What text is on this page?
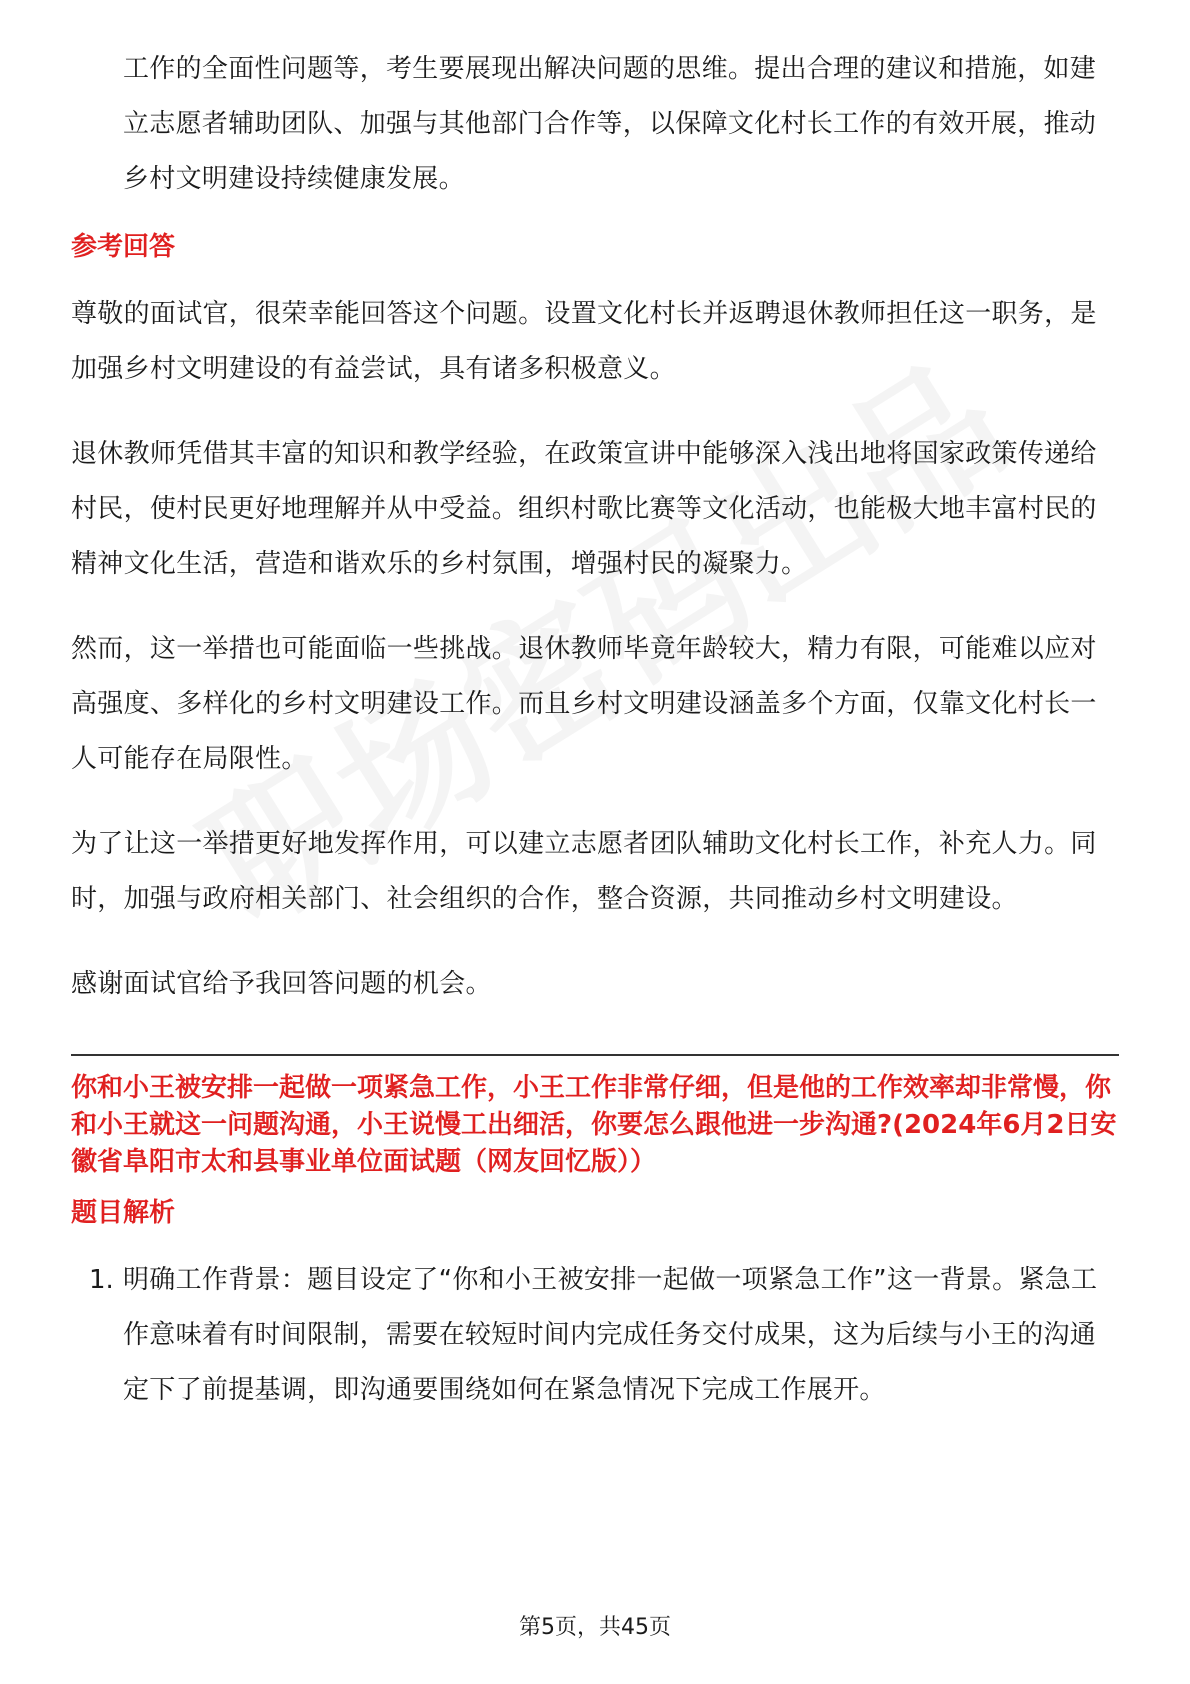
工作的全面性问题等，考生要展现出解决问题的思维。提出合理的建议和措施，如建立志愿者辅助团队、加强与其他部门合作等，以保障文化村长工作的有效开展，推动乡村文明建设持续健康发展。

参考回答

尊敬的面试官，很荣幸能回答这个问题。设置文化村长并返聘退休教师担任这一职务，是加强乡村文明建设的有益尝试，具有诸多积极意义。

退休教师凭借其丰富的知识和教学经验，在政策宣讲中能够深入浅出地将国家政策传递给村民，使村民更好地理解并从中受益。组织村歌比赛等文化活动，也能极大地丰富村民的精神文化生活，营造和谐欢乐的乡村氛围，增强村民的凝聚力。

然而，这一举措也可能面临一些挑战。退休教师毕竟年龄较大，精力有限，可能难以应对高强度、多样化的乡村文明建设工作。而且乡村文明建设涵盖多个方面，仅靠文化村长一人可能存在局限性。

为了让这一举措更好地发挥作用，可以建立志愿者团队辅助文化村长工作，补充人力。同时，加强与政府相关部门、社会组织的合作，整合资源，共同推动乡村文明建设。

感谢面试官给予我回答问题的机会。

你和小王被安排一起做一项紧急工作，小王工作非常仔细，但是他的工作效率却非常慢，你和小王就这一问题沟通，小王说慢工出细活，你要怎么跟他进一步沟通?(2024年6月2日安徽省阜阳市太和县事业单位面试题（网友回忆版））

题目解析

1. 明确工作背景：题目设定了“你和小王被安排一起做一项紧急工作”这一背景。紧急工作意味着有时间限制，需要在较短时间内完成任务交付成果，这为后续与小王的沟通定下了前提基调，即沟通要围绕如何在紧急情况下完成工作展开。

第5页，共45页
